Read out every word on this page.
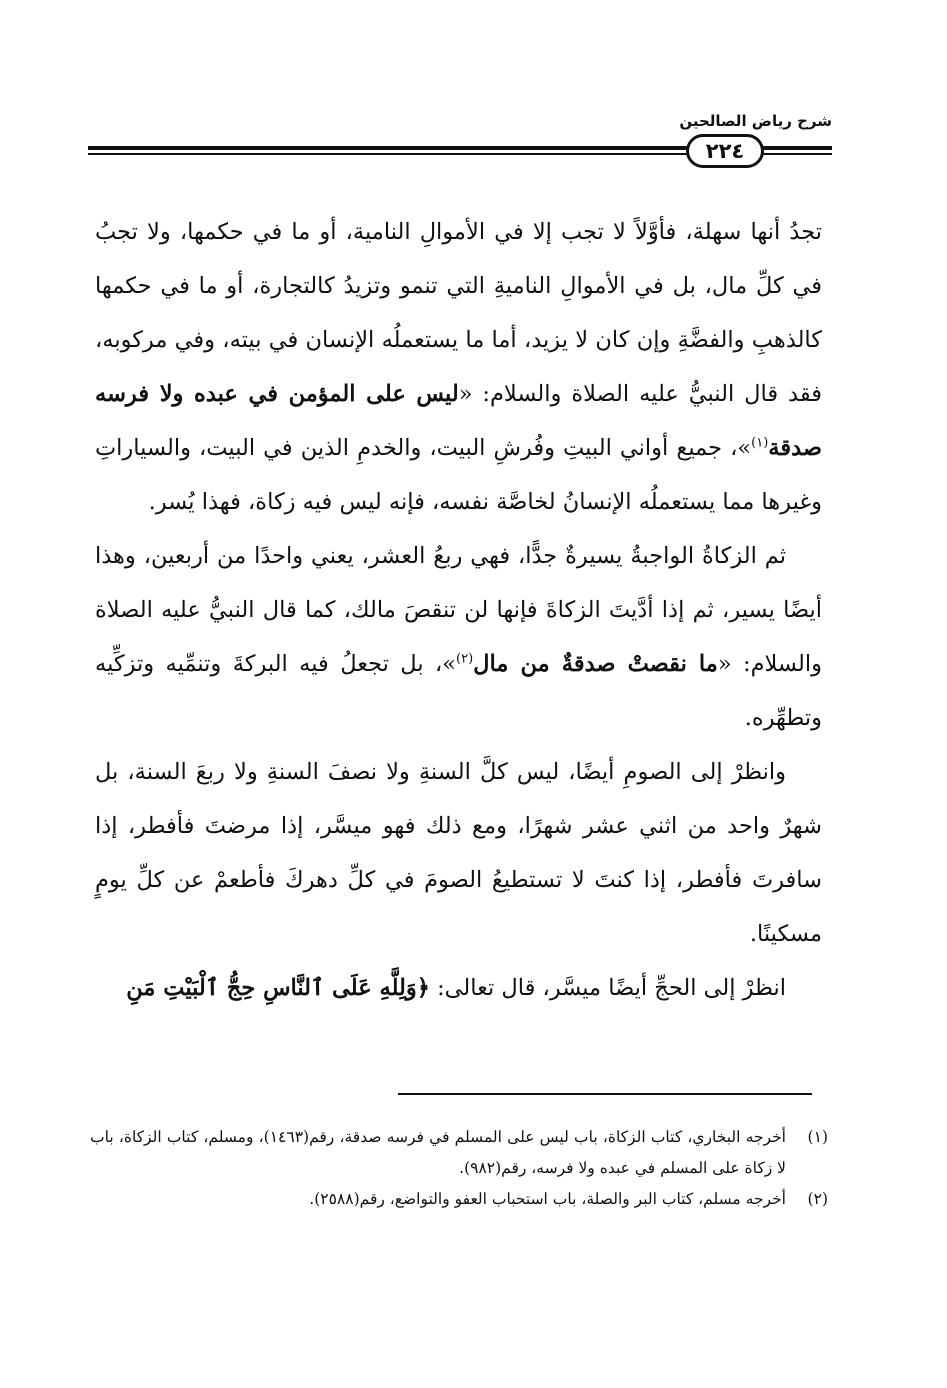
شرح رياض الصالحين
٢٢٤

تجدُ أنها سهلة، فأوَّلاً لا تجب إلا في الأموالِ النامية، أو ما في حكمها، ولا تجبُ في كلِّ مال، بل في الأموالِ الناميةِ التي تنمو وتزيدُ كالتجارة، أو ما في حكمها كالذهبِ والفضَّةِ وإن كان لا يزيد، أما ما يستعملُه الإنسان في بيته، وفي مركوبه، فقد قال النبيُّ عليه الصلاة والسلام: «ليس على المؤمن في عبده ولا فرسه صدقة$^{(١)}$»، جميع أواني البيتِ وفُرشِ البيت، والخدمِ الذين في البيت، والسياراتِ وغيرها مما يستعملُه الإنسانُ لخاصَّة نفسه، فإنه ليس فيه زكاة، فهذا يُسر.

ثم الزكاةُ الواجبةُ يسيرةٌ جدًّا، فهي ربعُ العشر، يعني واحدًا من أربعين، وهذا أيضًا يسير، ثم إذا أدَّيتَ الزكاةَ فإنها لن تنقصَ مالك، كما قال النبيُّ عليه الصلاة والسلام: «ما نقصتْ صدقةٌ من مال$^{(٢)}$»، بل تجعلُ فيه البركةَ وتنمِّيه وتزكِّيه وتطهِّره.

وانظرْ إلى الصومِ أيضًا، ليس كلَّ السنةِ ولا نصفَ السنةِ ولا ربعَ السنة، بل شهرٌ واحد من اثني عشر شهرًا، ومع ذلك فهو ميسَّر، إذا مرضتَ فأفطر، إذا سافرتَ فأفطر، إذا كنتَ لا تستطيعُ الصومَ في كلِّ دهركَ فأطعمْ عن كلِّ يومٍ مسكينًا.

انظرْ إلى الحجِّ أيضًا ميسَّر، قال تعالى: ﴿وَلِلَّهِ عَلَى ٱلنَّاسِ حِجُّ ٱلْبَيْتِ مَنِ

(١)
أخرجه البخاري، كتاب الزكاة، باب ليس على المسلم في فرسه صدقة، رقم(١٤٦٣)، ومسلم، كتاب الزكاة، باب لا زكاة على المسلم في عبده ولا فرسه، رقم(٩٨٢).
(٢)
أخرجه مسلم، كتاب البر والصلة، باب استحباب العفو والتواضع، رقم(٢٥٨٨).
